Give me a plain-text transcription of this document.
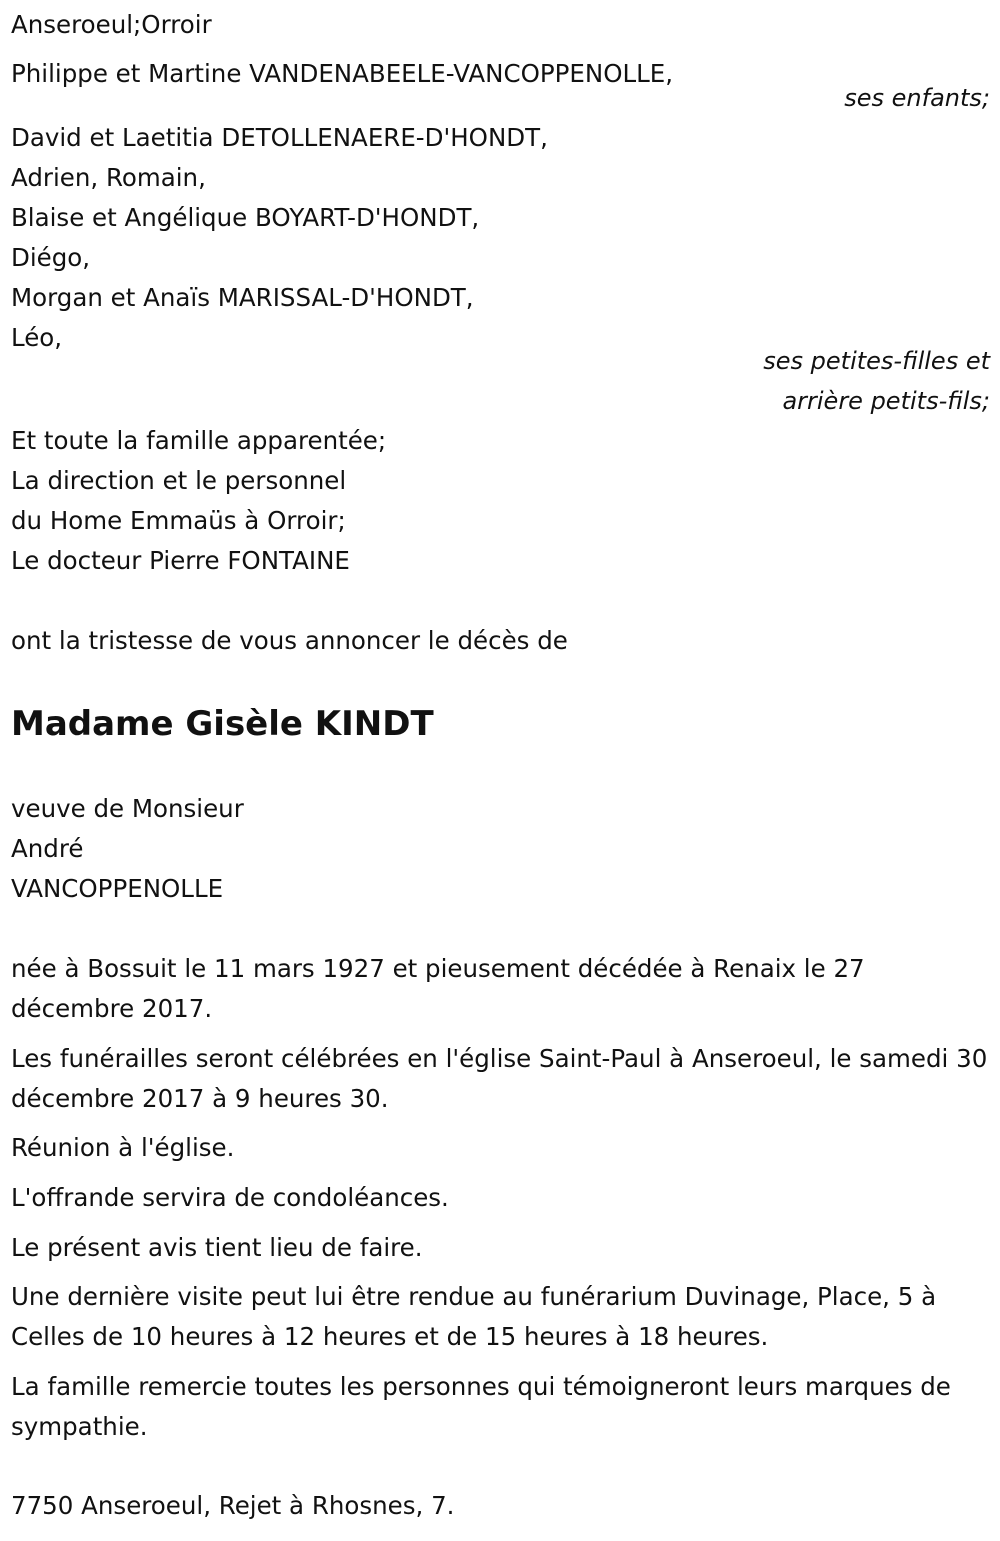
Anseroeul;Orroir

Philippe et Martine VANDENABEELE-VANCOPPENOLLE,

ses enfants;

David et Laetitia DETOLLENAERE-D'HONDT,

Adrien, Romain,

Blaise et Angélique BOYART-D'HONDT,

Diégo,

Morgan et Anaïs MARISSAL-D'HONDT,

Léo,

ses petites-filles et
arrière petits-fils;

Et toute la famille apparentée;

La direction et le personnel

du Home Emmaüs à Orroir;

Le docteur Pierre FONTAINE

ont la tristesse de vous annoncer le décès de

Madame Gisèle KINDT

veuve de Monsieur

André

VANCOPPENOLLE

née à Bossuit le 11 mars 1927 et pieusement décédée à Renaix le 27 décembre 2017.

Les funérailles seront célébrées en l'église Saint-Paul à Anseroeul, le samedi 30 décembre 2017 à 9 heures 30.

Réunion à l'église.

L'offrande servira de condoléances.

Le présent avis tient lieu de faire.

Une dernière visite peut lui être rendue au funérarium Duvinage, Place, 5 à Celles de 10 heures à 12 heures et de 15 heures à 18 heures.

La famille remercie toutes les personnes qui témoigneront leurs marques de sympathie.

7750 Anseroeul, Rejet à Rhosnes, 7.
